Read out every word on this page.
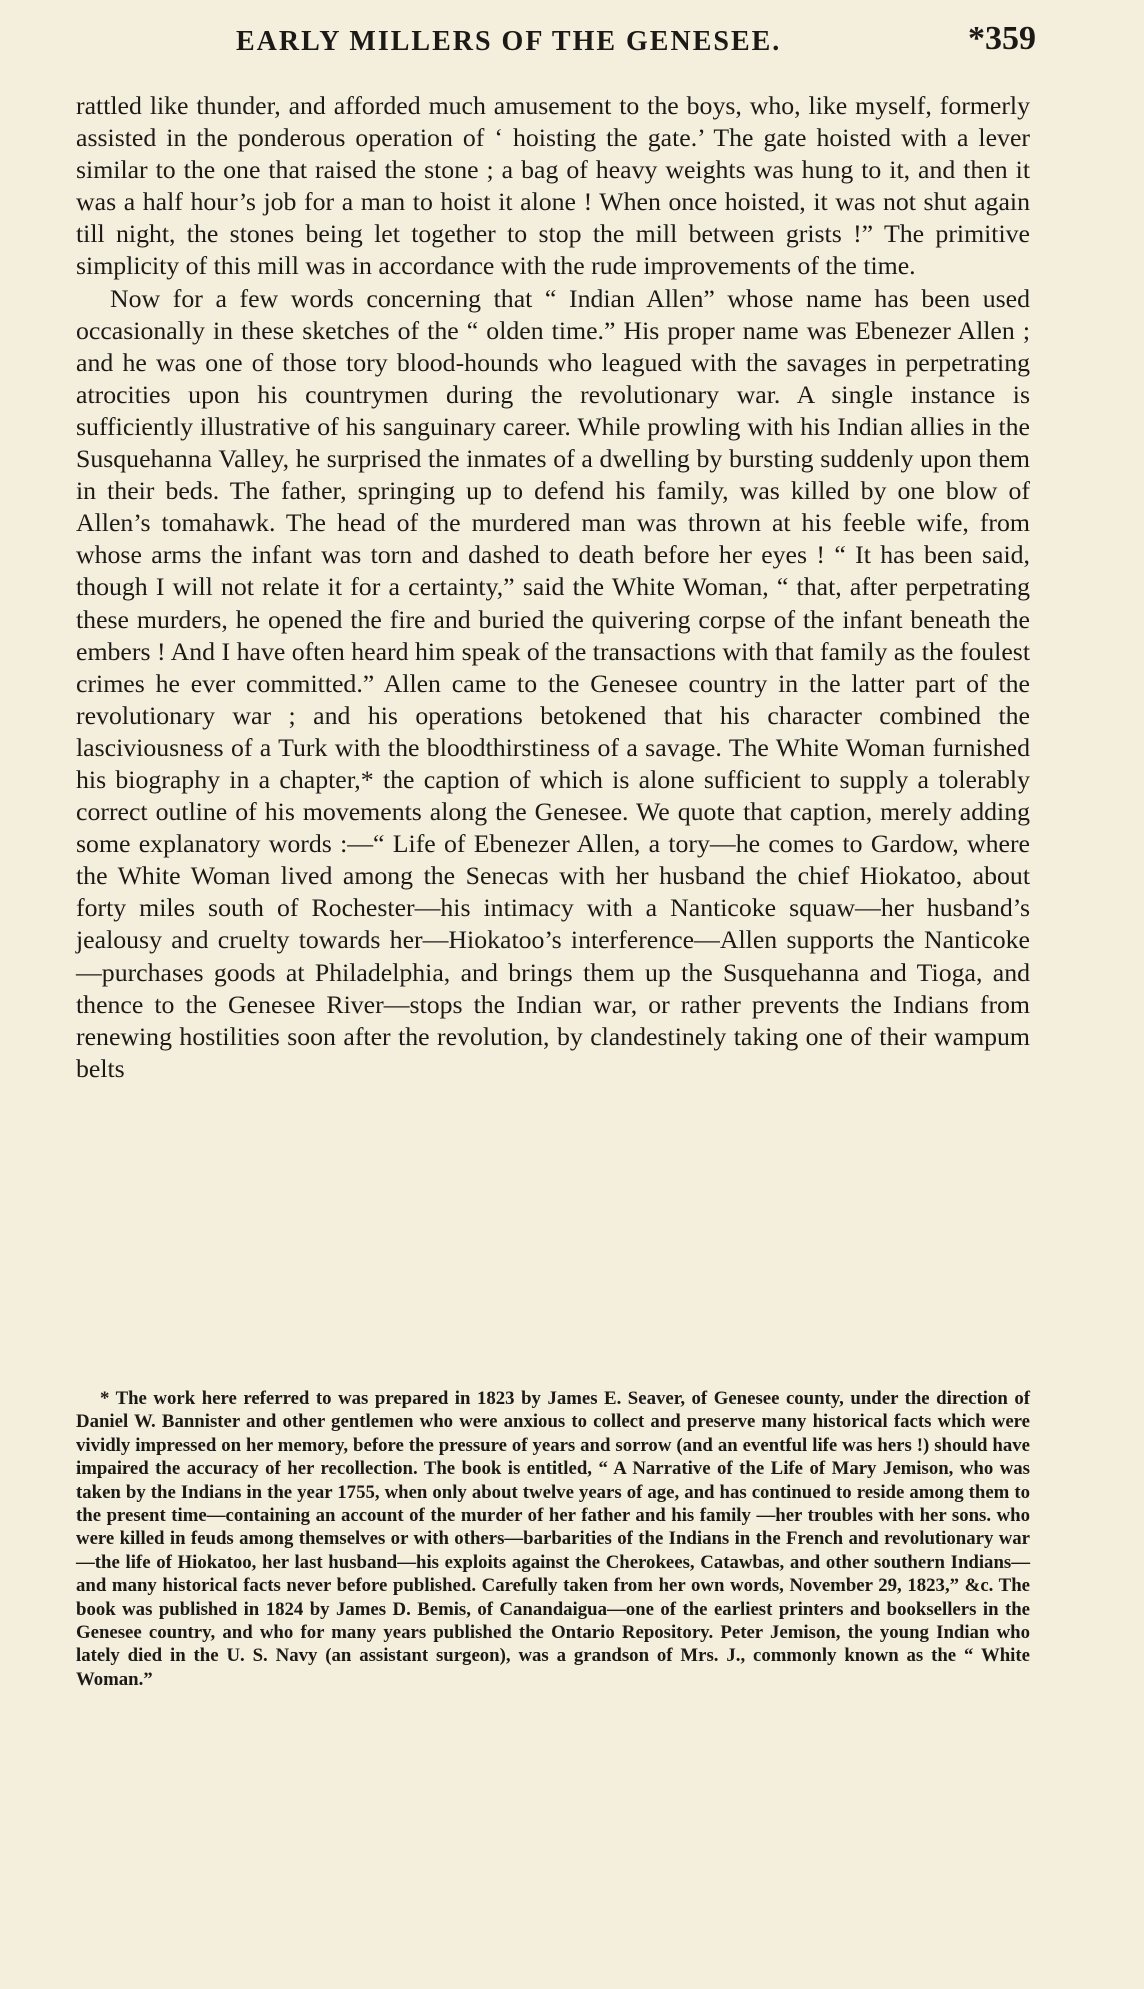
EARLY MILLERS OF THE GENESEE.	*359

rattled like thunder, and afforded much amusement to the boys, who, like myself, formerly assisted in the ponderous operation of ‘ hoisting the gate.’ The gate hoisted with a lever similar to the one that raised the stone ; a bag of heavy weights was hung to it, and then it was a half hour’s job for a man to hoist it alone ! When once hoisted, it was not shut again till night, the stones being let together to stop the mill between grists !” The primitive simplicity of this mill was in accordance with the rude improvements of the time.

Now for a few words concerning that “ Indian Allen” whose name has been used occasionally in these sketches of the “ olden time.” His proper name was Ebenezer Allen ; and he was one of those tory blood-hounds who leagued with the savages in perpetrating atrocities upon his countrymen during the revolutionary war. A single instance is sufficiently illustrative of his sanguinary career. While prowling with his Indian allies in the Susquehanna Valley, he surprised the inmates of a dwelling by bursting suddenly upon them in their beds. The father, springing up to defend his family, was killed by one blow of Allen’s tomahawk. The head of the murdered man was thrown at his feeble wife, from whose arms the infant was torn and dashed to death before her eyes ! “ It has been said, though I will not relate it for a certainty,” said the White Woman, “ that, after perpetrating these murders, he opened the fire and buried the quivering corpse of the infant beneath the embers ! And I have often heard him speak of the transactions with that family as the foulest crimes he ever committed.” Allen came to the Genesee country in the latter part of the revolutionary war ; and his operations betokened that his character combined the lasciviousness of a Turk with the bloodthirstiness of a savage. The White Woman furnished his biography in a chapter,* the caption of which is alone sufficient to supply a tolerably correct outline of his movements along the Genesee. We quote that caption, merely adding some explanatory words :—“ Life of Ebenezer Allen, a tory—he comes to Gardow, where the White Woman lived among the Senecas with her husband the chief Hiokatoo, about forty miles south of Rochester—his intimacy with a Nanticoke squaw—her husband’s jealousy and cruelty towards her—Hiokatoo’s interference—Allen supports the Nanticoke—purchases goods at Philadelphia, and brings them up the Susquehanna and Tioga, and thence to the Genesee River—stops the Indian war, or rather prevents the Indians from renewing hostilities soon after the revolution, by clandestinely taking one of their wampum belts

* The work here referred to was prepared in 1823 by James E. Seaver, of Genesee county, under the direction of Daniel W. Bannister and other gentlemen who were anxious to collect and preserve many historical facts which were vividly impressed on her memory, before the pressure of years and sorrow (and an eventful life was hers !) should have impaired the accuracy of her recollection. The book is entitled, “ A Narrative of the Life of Mary Jemison, who was taken by the Indians in the year 1755, when only about twelve years of age, and has continued to reside among them to the present time—containing an account of the murder of her father and his family —her troubles with her sons. who were killed in feuds among themselves or with others—barbarities of the Indians in the French and revolutionary war—the life of Hiokatoo, her last husband—his exploits against the Cherokees, Catawbas, and other southern Indians—and many historical facts never before published. Carefully taken from her own words, November 29, 1823,” &c. The book was published in 1824 by James D. Bemis, of Canandaigua—one of the earliest printers and booksellers in the Genesee country, and who for many years published the Ontario Repository. Peter Jemison, the young Indian who lately died in the U. S. Navy (an assistant surgeon), was a grandson of Mrs. J., commonly known as the “ White Woman.”
